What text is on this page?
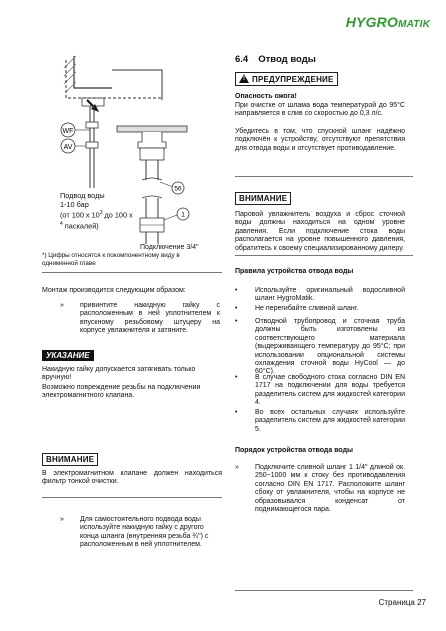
HYGROMATIK
WF
AV
56
1
Подвод воды
1-10 бар
(от 100 x $10^3$ до 100 x
$^4$ паскалей)
Подключение 3/4"
*) Цифры относятся к покомпонентному виду в
однименной главе
Монтаж производится следующим образом:
»	привинтите накидную гайку с расположенным в ней уплотнителем к впускному резьбовому штуцеру на корпусе увлажнителя и затяните.
УКАЗАНИЕ
Накидную гайку допускается затягивать только вручную!
Возможно повреждение резьбы на подключении электромагнитного клапана.
ВНИМАНИЕ
В электромагнитном клапане должен находиться фильтр тонкой очистки.
»	Для самостоятельного подвода воды используйте накидную гайку с другого конца шланга (внутренняя резьба ¾") с расположенным в ней уплотнителем.
6.4 Отвод воды
!ПРЕДУПРЕЖДЕНИЕ
Опасность ожога!
При очистке от шлама вода температурой до 95°C направляется в слив со скоростью до 0,3 л/с.
Убедитесь в том, что спускной шланг надёжно подключён к устройству, отсутствуют препятствия для отвода воды и отсутствует противодавление.
ВНИМАНИЕ
Паровой увлажнитель воздуха и сброс сточной воды должны находиться на одном уровне давления. Если подключение стока воды располагается на уровне повышенного давления, обратитесь к своему специализированному дилеру.
Правила устройства отвода воды
•	Используйте оригинальный водосливной шланг HygroMatik.
•	Не перегибайте сливной шланг.
•	Отводной трубопровод и сточная труба должны быть изготовлены из соответствующего материала (выдерживающего температуру до 95°C; при использовании опциональной системы охлаждения сточной воды HyCool — до 60°C).
•	В случае свободного стока согласно DIN EN 1717 на подключении для воды требуется разделитель систем для жидкостей категории 4.
•	Во всех остальных случаях используйте разделитель систем для жидкостей категории 5.
Порядок устройства отвода воды
»	Подключите сливной шланг 1 1/4" длиной ок. 250−1000 мм к стоку без противодавления согласно DIN EN 1717. Расположите шланг сбоку от увлажнителя, чтобы на корпусе не образовывался конденсат от поднимающегося пара.
Страница 27
